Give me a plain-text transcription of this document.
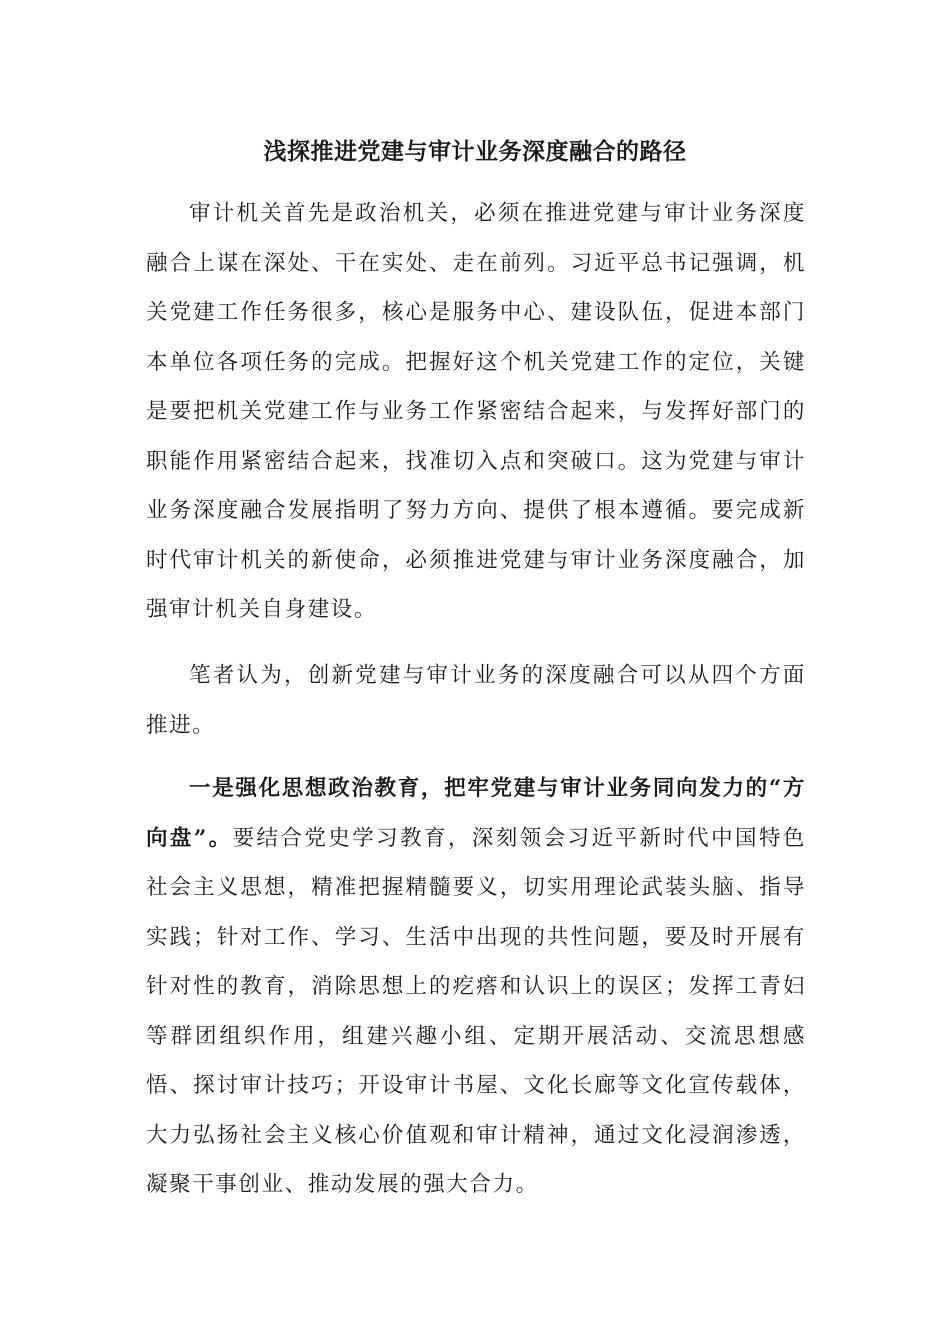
浅探推进党建与审计业务深度融合的路径

审计机关首先是政治机关，必须在推进党建与审计业务深度融合上谋在深处、干在实处、走在前列。习近平总书记强调，机关党建工作任务很多，核心是服务中心、建设队伍，促进本部门本单位各项任务的完成。把握好这个机关党建工作的定位，关键是要把机关党建工作与业务工作紧密结合起来，与发挥好部门的职能作用紧密结合起来，找准切入点和突破口。这为党建与审计业务深度融合发展指明了努力方向、提供了根本遵循。要完成新时代审计机关的新使命，必须推进党建与审计业务深度融合，加强审计机关自身建设。

笔者认为，创新党建与审计业务的深度融合可以从四个方面推进。

一是强化思想政治教育，把牢党建与审计业务同向发力的“方向盘”。要结合党史学习教育，深刻领会习近平新时代中国特色社会主义思想，精准把握精髓要义，切实用理论武装头脑、指导实践；针对工作、学习、生活中出现的共性问题，要及时开展有针对性的教育，消除思想上的疙瘩和认识上的误区；发挥工青妇等群团组织作用，组建兴趣小组、定期开展活动、交流思想感悟、探讨审计技巧；开设审计书屋、文化长廊等文化宣传载体，大力弘扬社会主义核心价值观和审计精神，通过文化浸润渗透，凝聚干事创业、推动发展的强大合力。
